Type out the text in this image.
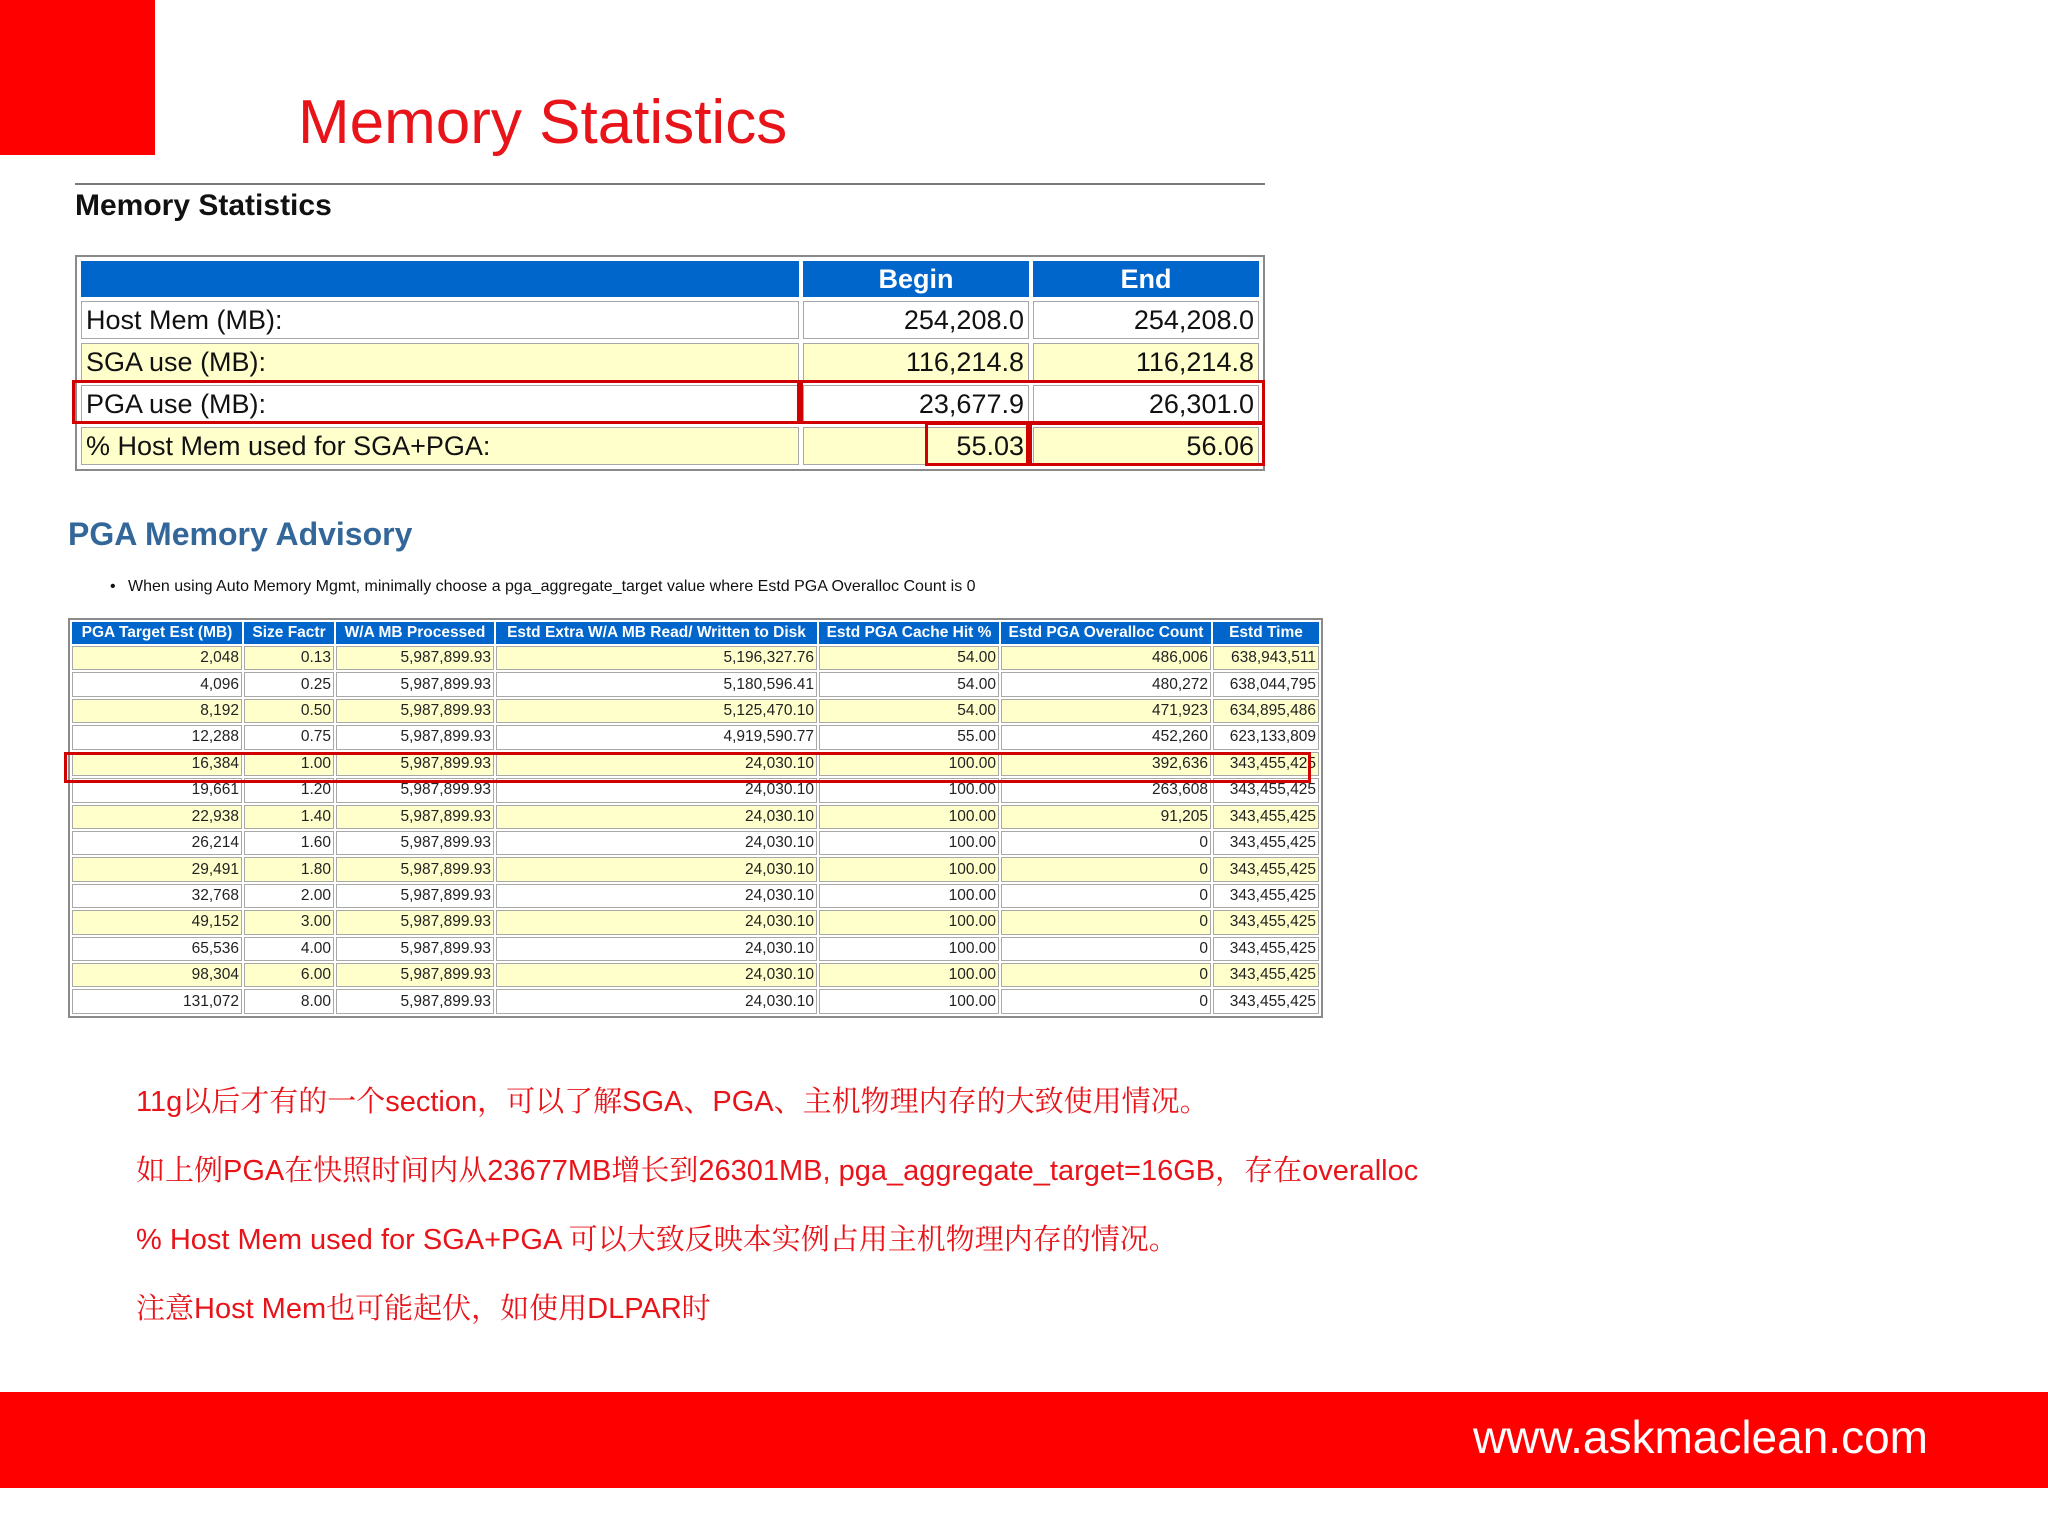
Memory Statistics
Memory Statistics
	Begin	End
Host Mem (MB):	254,208.0	254,208.0
SGA use (MB):	116,214.8	116,214.8
PGA use (MB):	23,677.9	26,301.0
% Host Mem used for SGA+PGA:	55.03	56.06
PGA Memory Advisory
• When using Auto Memory Mgmt, minimally choose a pga_aggregate_target value where Estd PGA Overalloc Count is 0
PGA Target Est (MB)	Size Factr	W/A MB Processed	Estd Extra W/A MB Read/ Written to Disk	Estd PGA Cache Hit %	Estd PGA Overalloc Count	Estd Time
2,048	0.13	5,987,899.93	5,196,327.76	54.00	486,006	638,943,511
4,096	0.25	5,987,899.93	5,180,596.41	54.00	480,272	638,044,795
8,192	0.50	5,987,899.93	5,125,470.10	54.00	471,923	634,895,486
12,288	0.75	5,987,899.93	4,919,590.77	55.00	452,260	623,133,809
16,384	1.00	5,987,899.93	24,030.10	100.00	392,636	343,455,425
19,661	1.20	5,987,899.93	24,030.10	100.00	263,608	343,455,425
22,938	1.40	5,987,899.93	24,030.10	100.00	91,205	343,455,425
26,214	1.60	5,987,899.93	24,030.10	100.00	0	343,455,425
29,491	1.80	5,987,899.93	24,030.10	100.00	0	343,455,425
32,768	2.00	5,987,899.93	24,030.10	100.00	0	343,455,425
49,152	3.00	5,987,899.93	24,030.10	100.00	0	343,455,425
65,536	4.00	5,987,899.93	24,030.10	100.00	0	343,455,425
98,304	6.00	5,987,899.93	24,030.10	100.00	0	343,455,425
131,072	8.00	5,987,899.93	24,030.10	100.00	0	343,455,425

11g以后才有的一个section，可以了解SGA、PGA、主机物理内存的大致使用情况。

如上例PGA在快照时间内从23677MB增长到26301MB, pga_aggregate_target=16GB，存在overalloc

% Host Mem used for SGA+PGA 可以大致反映本实例占用主机物理内存的情况。

注意Host Mem也可能起伏，如使用DLPAR时

www.askmaclean.com
